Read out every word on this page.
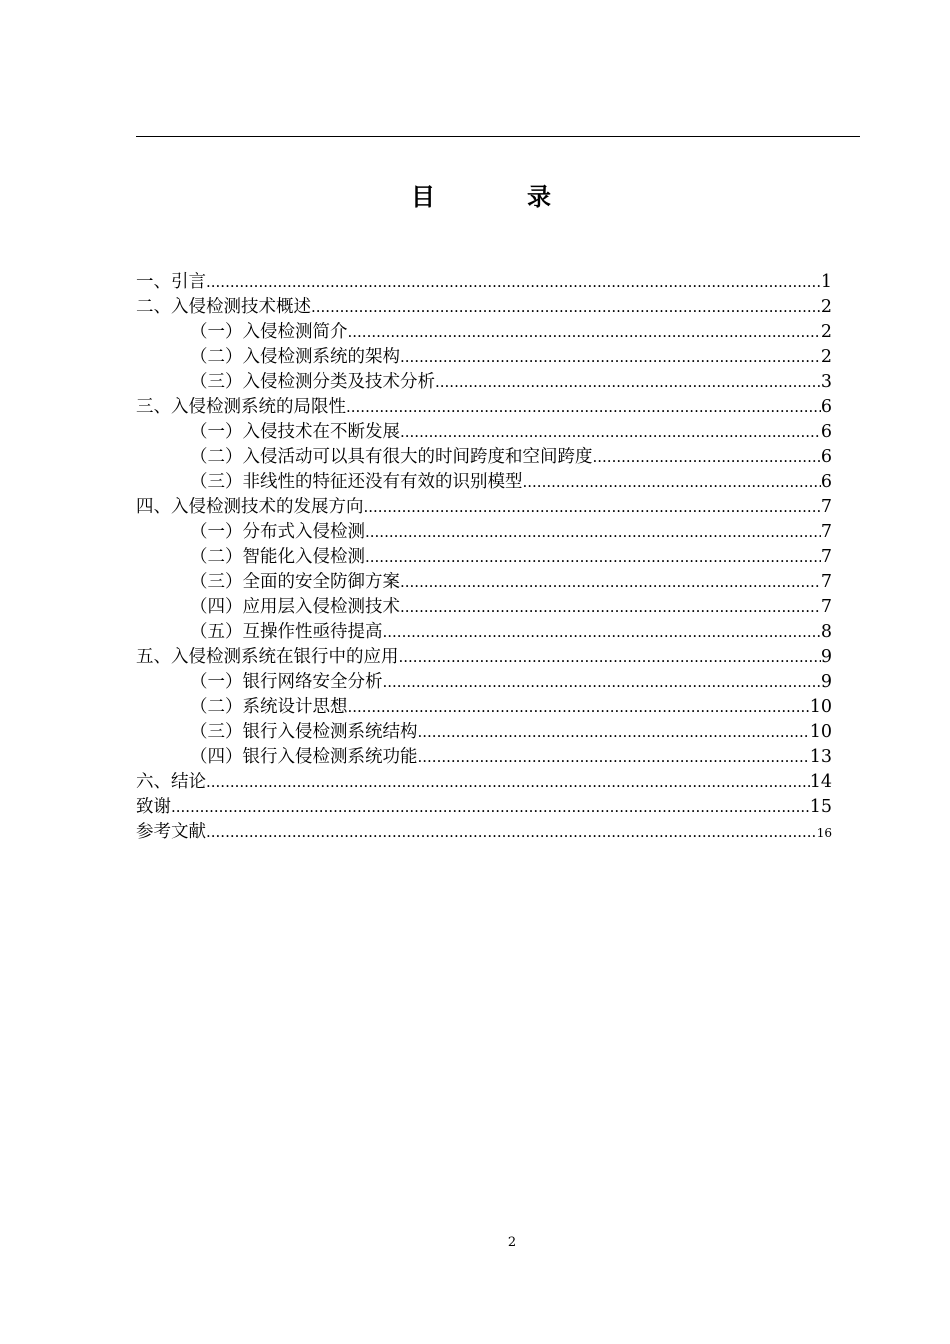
目　录
一、引言 .....	1
二、入侵检测技术概述 .....	2
（一）入侵检测简介 .....	2
（二）入侵检测系统的架构 .....	2
（三）入侵检测分类及技术分析 .....	3
三、入侵检测系统的局限性 .....	6
（一）入侵技术在不断发展 .....	6
（二）入侵活动可以具有很大的时间跨度和空间跨度 .....	6
（三）非线性的特征还没有有效的识别模型 .....	6
四、入侵检测技术的发展方向 .....	7
（一）分布式入侵检测 .....	7
（二）智能化入侵检测 .....	7
（三）全面的安全防御方案 .....	7
（四）应用层入侵检测技术 .....	7
（五）互操作性亟待提高 .....	8
五、入侵检测系统在银行中的应用 .....	9
（一）银行网络安全分析 .....	9
（二）系统设计思想 .....	10
（三）银行入侵检测系统结构 .....	10
（四）银行入侵检测系统功能 .....	13
六、结论 .....	14
致谢 .....	15
参考文献 .....	16
2
